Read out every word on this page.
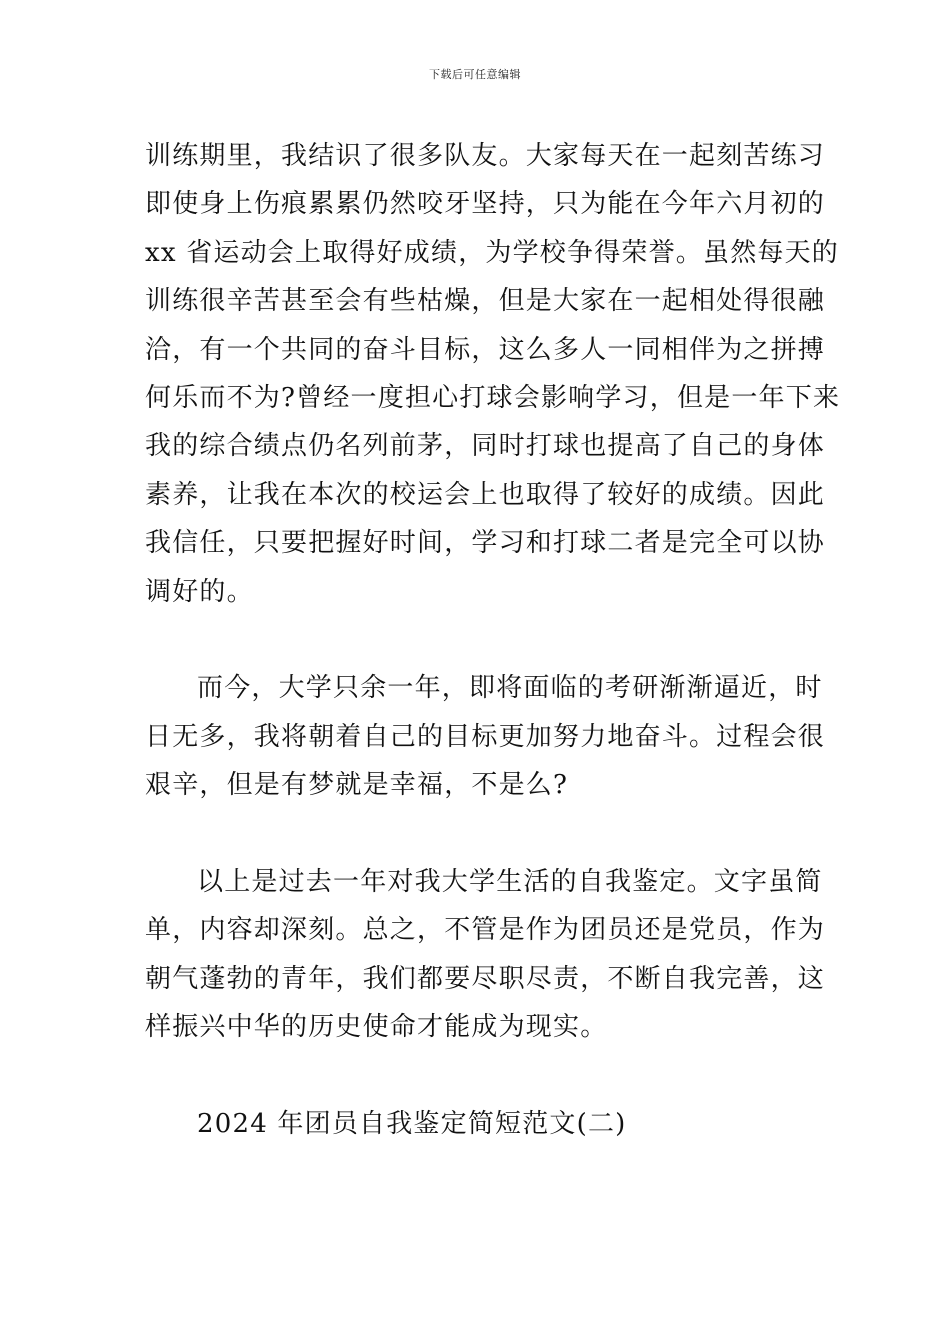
下载后可任意编辑
训练期里，我结识了很多队友。大家每天在一起刻苦练习
即使身上伤痕累累仍然咬牙坚持，只为能在今年六月初的
xx 省运动会上取得好成绩，为学校争得荣誉。虽然每天的
训练很辛苦甚至会有些枯燥，但是大家在一起相处得很融
洽，有一个共同的奋斗目标，这么多人一同相伴为之拼搏
何乐而不为?曾经一度担心打球会影响学习，但是一年下来
我的综合绩点仍名列前茅，同时打球也提高了自己的身体
素养，让我在本次的校运会上也取得了较好的成绩。因此
我信任，只要把握好时间，学习和打球二者是完全可以协
调好的。
而今，大学只余一年，即将面临的考研渐渐逼近，时
日无多，我将朝着自己的目标更加努力地奋斗。过程会很
艰辛，但是有梦就是幸福，不是么?
以上是过去一年对我大学生活的自我鉴定。文字虽简
单，内容却深刻。总之，不管是作为团员还是党员，作为
朝气蓬勃的青年，我们都要尽职尽责，不断自我完善，这
样振兴中华的历史使命才能成为现实。
2024 年团员自我鉴定简短范文(二)
